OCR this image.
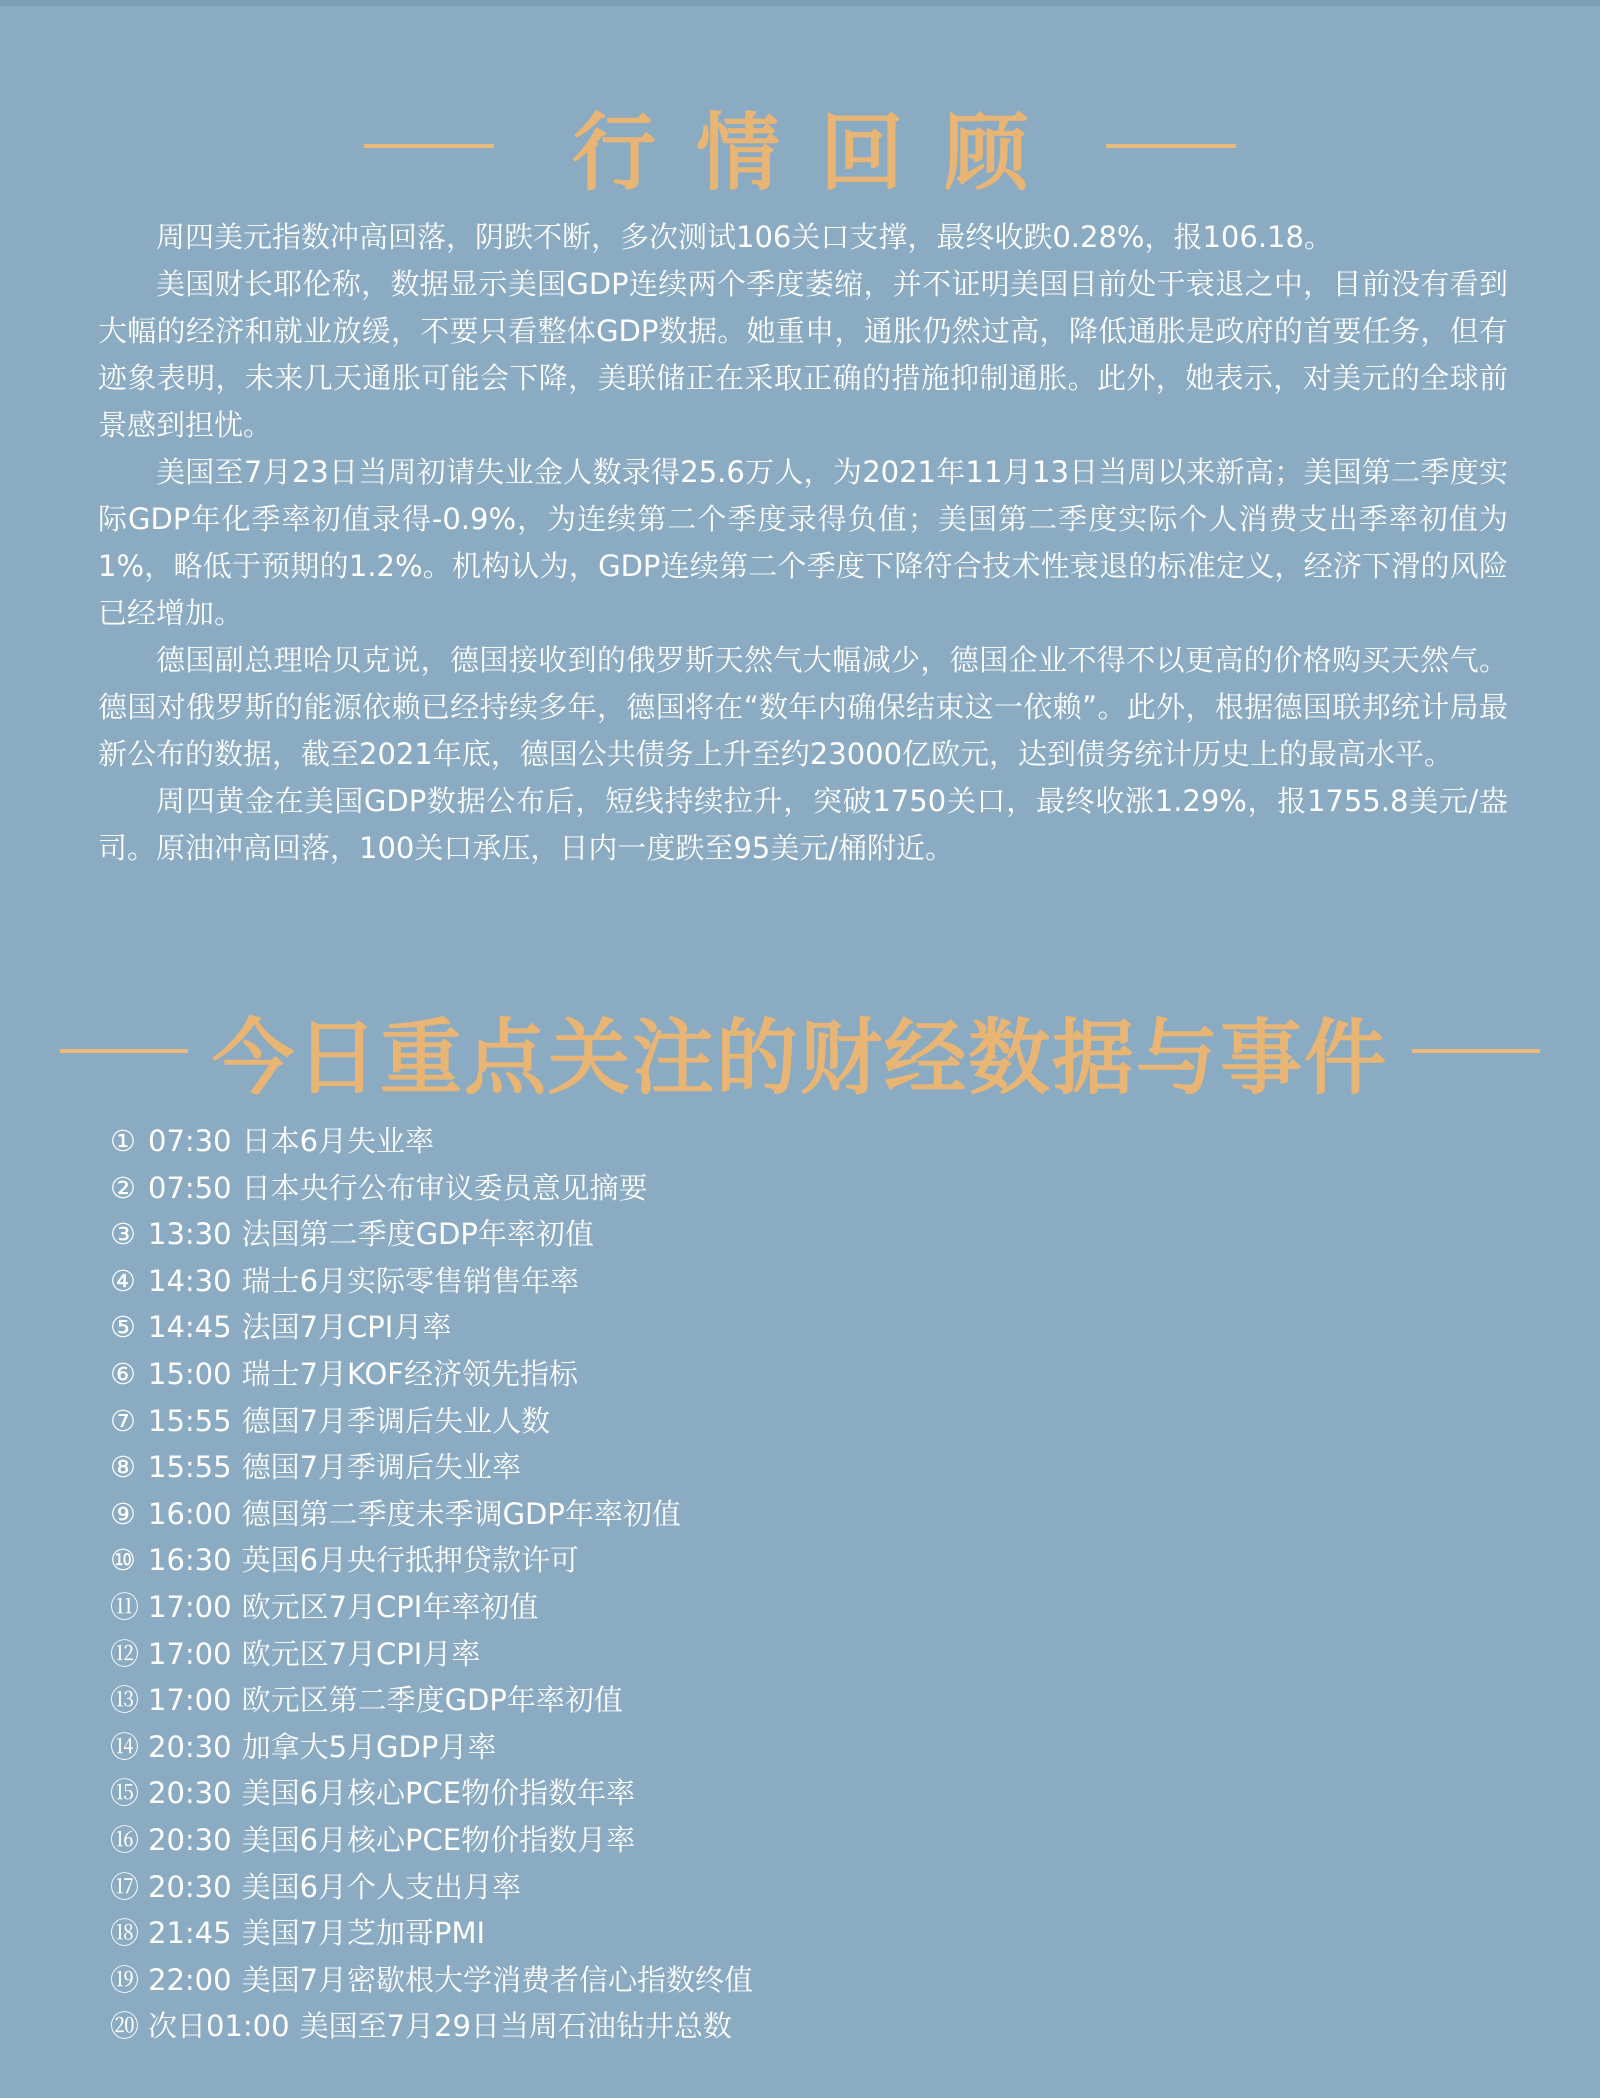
行情回顾

周四美元指数冲高回落，阴跌不断，多次测试106关口支撑，最终收跌0.28%，报106.18。

美国财长耶伦称，数据显示美国GDP连续两个季度萎缩，并不证明美国目前处于衰退之中，目前没有看到大幅的经济和就业放缓，不要只看整体GDP数据。她重申，通胀仍然过高，降低通胀是政府的首要任务，但有迹象表明，未来几天通胀可能会下降，美联储正在采取正确的措施抑制通胀。此外，她表示，对美元的全球前景感到担忧。

美国至7月23日当周初请失业金人数录得25.6万人，为2021年11月13日当周以来新高；美国第二季度实际GDP年化季率初值录得-0.9%，为连续第二个季度录得负值；美国第二季度实际个人消费支出季率初值为1%，略低于预期的1.2%。机构认为，GDP连续第二个季度下降符合技术性衰退的标准定义，经济下滑的风险已经增加。

德国副总理哈贝克说，德国接收到的俄罗斯天然气大幅减少，德国企业不得不以更高的价格购买天然气。德国对俄罗斯的能源依赖已经持续多年，德国将在“数年内确保结束这一依赖”。此外，根据德国联邦统计局最新公布的数据，截至2021年底，德国公共债务上升至约23000亿欧元，达到债务统计历史上的最高水平。

周四黄金在美国GDP数据公布后，短线持续拉升，突破1750关口，最终收涨1.29%，报1755.8美元/盎司。原油冲高回落，100关口承压，日内一度跌至95美元/桶附近。

今日重点关注的财经数据与事件
① 07:30 日本6月失业率
② 07:50 日本央行公布审议委员意见摘要
③ 13:30 法国第二季度GDP年率初值
④ 14:30 瑞士6月实际零售销售年率
⑤ 14:45 法国7月CPI月率
⑥ 15:00 瑞士7月KOF经济领先指标
⑦ 15:55 德国7月季调后失业人数
⑧ 15:55 德国7月季调后失业率
⑨ 16:00 德国第二季度未季调GDP年率初值
⑩ 16:30 英国6月央行抵押贷款许可
⑪ 17:00 欧元区7月CPI年率初值
⑫ 17:00 欧元区7月CPI月率
⑬ 17:00 欧元区第二季度GDP年率初值
⑭ 20:30 加拿大5月GDP月率
⑮ 20:30 美国6月核心PCE物价指数年率
⑯ 20:30 美国6月核心PCE物价指数月率
⑰ 20:30 美国6月个人支出月率
⑱ 21:45 美国7月芝加哥PMI
⑲ 22:00 美国7月密歇根大学消费者信心指数终值
⑳ 次日01:00 美国至7月29日当周石油钻井总数
